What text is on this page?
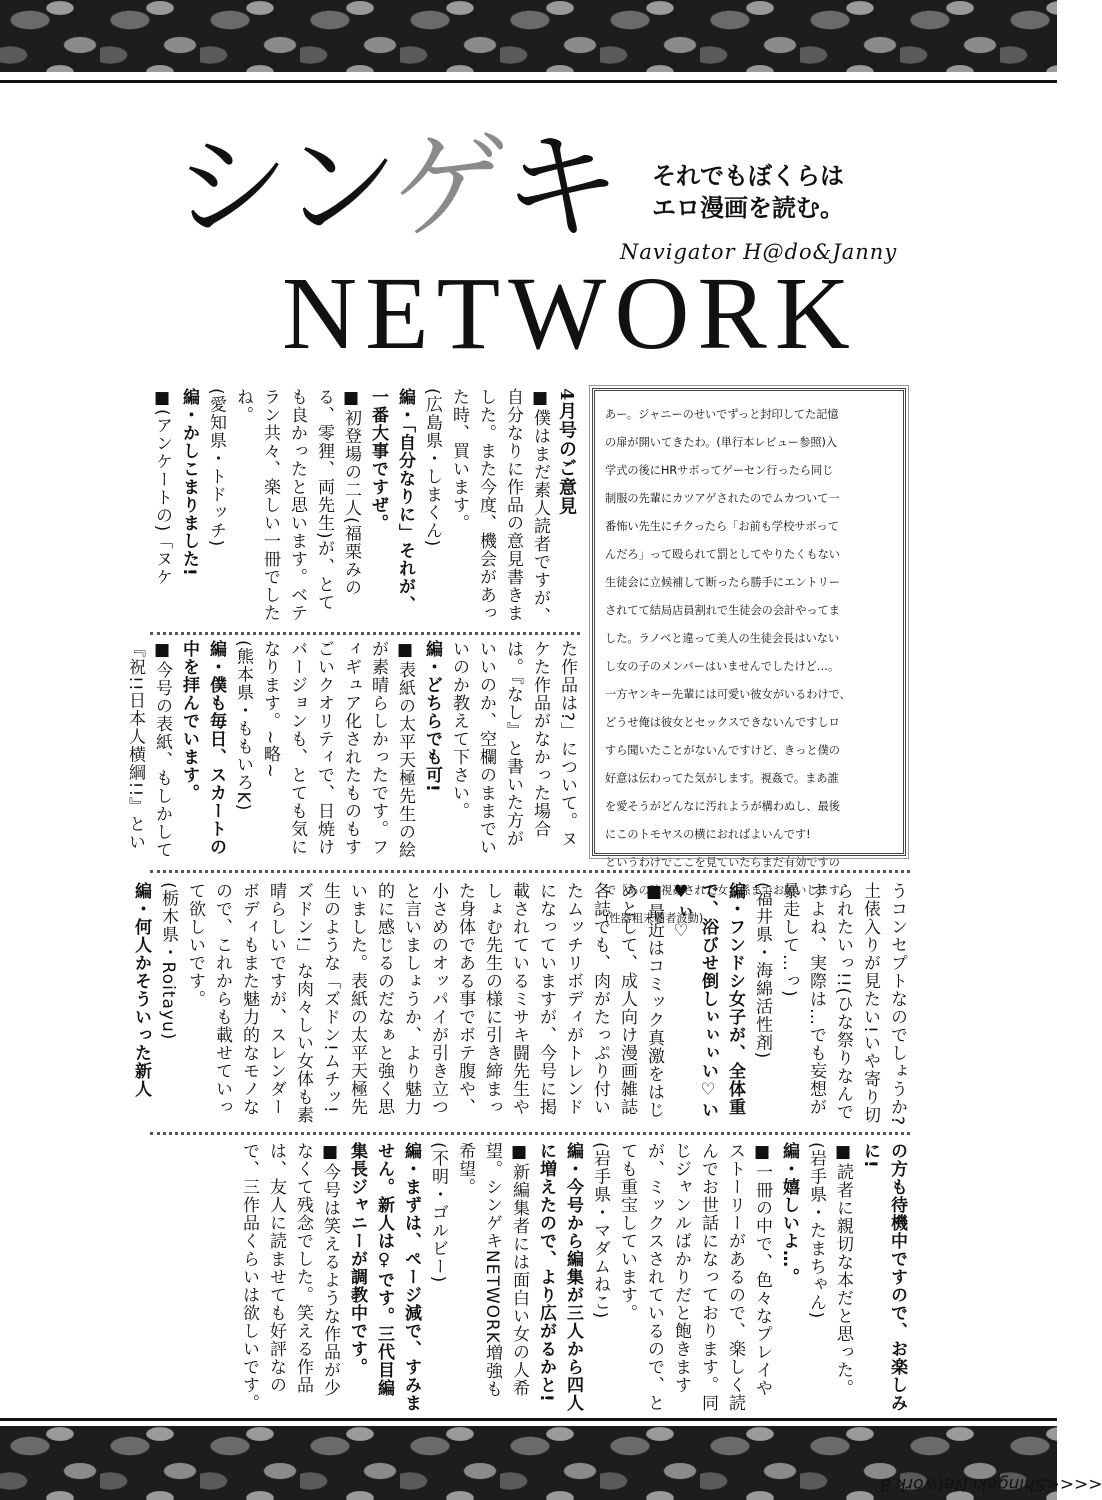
シンゲキ
NETWORK
それでもぼくらは
エロ漫画を読む。
Navigator H@do&Janny

4月号のご意見

■僕はまだ素人読者ですが、自分なりに作品の意見書きました。また今度、機会があった時、買います。

(広島県・しまくん)

編・「自分なりに」それが、一番大事ですぜ。

■初登場の二人(福栗みのる、零狸、両先生)が、とても良かったと思います。ベテラン共々、楽しい一冊でしたね。

(愛知県・トドッチ)

編・かしこまりました!

■(アンケートの)「ヌケ

た作品は?」について。ヌケた作品がなかった場合は。『なし』と書いた方がいいのか、空欄のままでいいのか教えて下さい。

編・どちらでも可!

■表紙の太平天極先生の絵が素晴らしかったです。フィギュア化されたものもすごいクオリティで、日焼けバージョンも、とても気になります。~略~

(熊本県・ももいろK)

編・僕も毎日、スカートの中を拝んでいます。

■今号の表紙、もしかして『祝!!日本人横綱!!』とい

あー。ジャニーのせいでずっと封印してた記憶

の扉が開いてきたわ。(単行本レビュー参照)入

学式の後にHRサボってゲーセン行ったら同じ

制服の先輩にカツアゲされたのでムカついて一

番怖い先生にチクったら「お前も学校サボって

んだろ」って殴られて罰としてやりたくもない

生徒会に立候補して断ったら勝手にエントリー

されてて結局店員割れで生徒会の会計やってま

した。ラノベと違って美人の生徒会長はいない

し女の子のメンバーはいませんでしたけど…。

一方ヤンキー先輩には可愛い彼女がいるわけで、

どうせ俺は彼女とセックスできないんですしロ

すら聞いたことがないんですけど、きっと僕の

好意は伝わってた気がします。視姦で。まあ誰

を愛そうがどんなに汚れようが構わぬし、最後

にこのトモヤスの横におればよいんです!

というわけでここを見ていたらまだ有効ですの

で「あの時視姦された女」係までお願いします。

(性器粗末覇者波動)	うコンセプトなのでしょうか?土俵入りが見たい!いや寄り切られたいっ!!(ひな祭りなんですよね、実際は…でも妄想が暴走して…っ)

(福井県・海綿活性剤)

編・フンドシ女子が、全体重で、浴びせ倒しぃぃぃい♡い♥ぃ♡

■最近はコミック真激をはじめとして、成人向け漫画雑誌各誌でも、肉がたっぷり付いたムッチリボディがトレンドになっていますが、今号に掲載されているミサキ闘先生やしょむ先生の様に引き締まった身体である事でボテ腹や、小さめのオッパイが引き立つと言いましょうか、より魅力的に感じるのだなぁと強く思いました。表紙の太平天極先生のような「ズドン!ムチッ!ズドン!」な肉々しい女体も素晴らしいですが、スレンダーボディもまた魅力的なモノなので、これからも載せていって欲しいです。

(栃木県・Roitayu)

編・何人かそういった新人

の方も待機中ですので、お楽しみに!

■読者に親切な本だと思った。(岩手県・たまちゃん)

編・嬉しいよ…。

■一冊の中で、色々なプレイやストーリーがあるので、楽しく読んでお世話になっております。同じジャンルばかりだと飽きますが、ミックスされているので、とても重宝しています。

(岩手県・マダムねこ)

編・今号から編集が三人から四人に増えたので、より広がるかと!

■新編集者には面白い女の人希望。シンゲキNETWORK増強も希望。

(不明・ゴルビー)

編・まずは、ページ減で、すみません。新人は♀です。三代目編集長ジャニーが調教中です。

■今号は笑えるような作品が少なくて残念でした。笑える作品は、友人に読ませても好評なので、三作品くらいは欲しいです。

<<<<Shingeki Network 8
